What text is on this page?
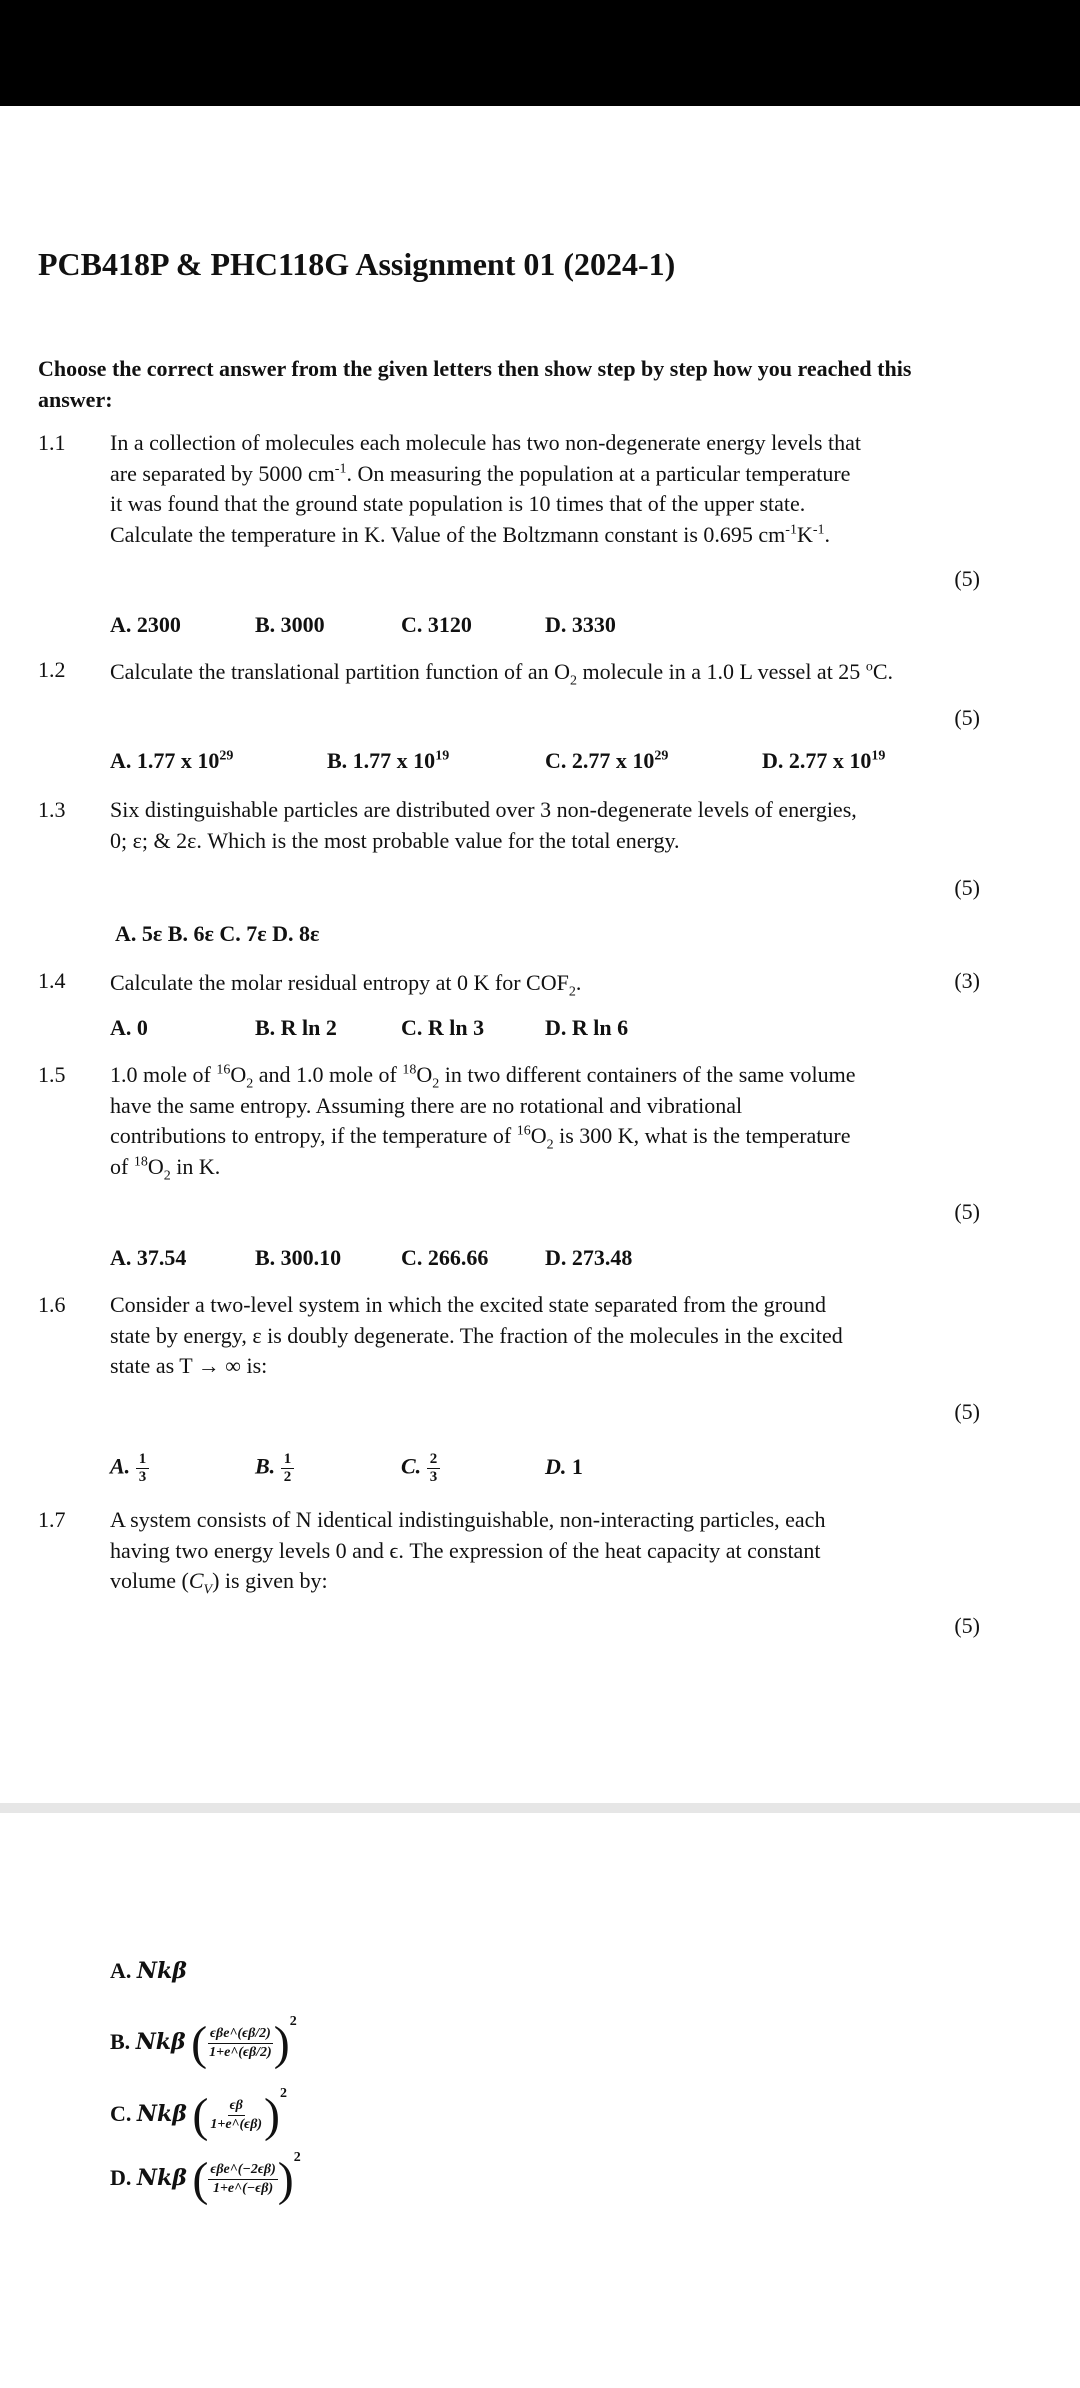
PCB418P & PHC118G Assignment 01 (2024-1)
Choose the correct answer from the given letters then show step by step how you reached this answer:
1.1 In a collection of molecules each molecule has two non-degenerate energy levels that
are separated by 5000 $cm^{-1}$. On measuring the population at a particular temperature
it was found that the ground state population is 10 times that of the upper state.
Calculate the temperature in K. Value of the Boltzmann constant is 0.695 $cm^{-1}K^{-1}$.
(5)
A. 2300	B. 3000	C. 3120	D. 3330
1.2 Calculate the translational partition function of an $O_2$ molecule in a 1.0 L vessel at 25 $^o$C.
(5)
A. 1.77 x $10^{29}$	B. 1.77 x $10^{19}$	C. 2.77 x $10^{29}$	D. 2.77 x $10^{19}$
1.3 Six distinguishable particles are distributed over 3 non-degenerate levels of energies,
0; ε; & 2ε. Which is the most probable value for the total energy.
(5)
A. 5ε B. 6ε C. 7ε D. 8ε
1.4 Calculate the molar residual entropy at 0 K for $COF_2$.	(3)
A. 0	B. R ln 2	C. R ln 3	D. R ln 6
1.5 1.0 mole of $^{16}O_2$ and 1.0 mole of $^{18}O_2$ in two different containers of the same volume
have the same entropy. Assuming there are no rotational and vibrational
contributions to entropy, if the temperature of $^{16}O_2$ is 300 K, what is the temperature
of $^{18}O_2$ in K.
(5)
A. 37.54	B. 300.10	C. 266.66	D. 273.48
1.6 Consider a two-level system in which the excited state separated from the ground
state by energy, ε is doubly degenerate. The fraction of the molecules in the excited
state as T → ∞ is:
(5)
A. $\frac{1}{3}$	B. $\frac{1}{2}$	C. $\frac{2}{3}$	D. 1
1.7 A system consists of N identical indistinguishable, non-interacting particles, each
having two energy levels 0 and ϵ. The expression of the heat capacity at constant
volume $(C_V)$ is given by:
(5)
A. Nkβ
B. Nkβ ( $\frac{\text{ϵβe\textasciicircum{}(ϵβ/2)}}{1+e\^{}(\epsilon\beta/2)} )^2$
C. Nkβ ( $\frac{\epsilon\beta}{1+e\^{}(\epsilon\beta)} )^2$
D. Nkβ ( $\frac{\text{ϵβe\textasciicircum{}(−2ϵβ)}}{1+e\^{}(-\epsilon\beta)} )^2$
